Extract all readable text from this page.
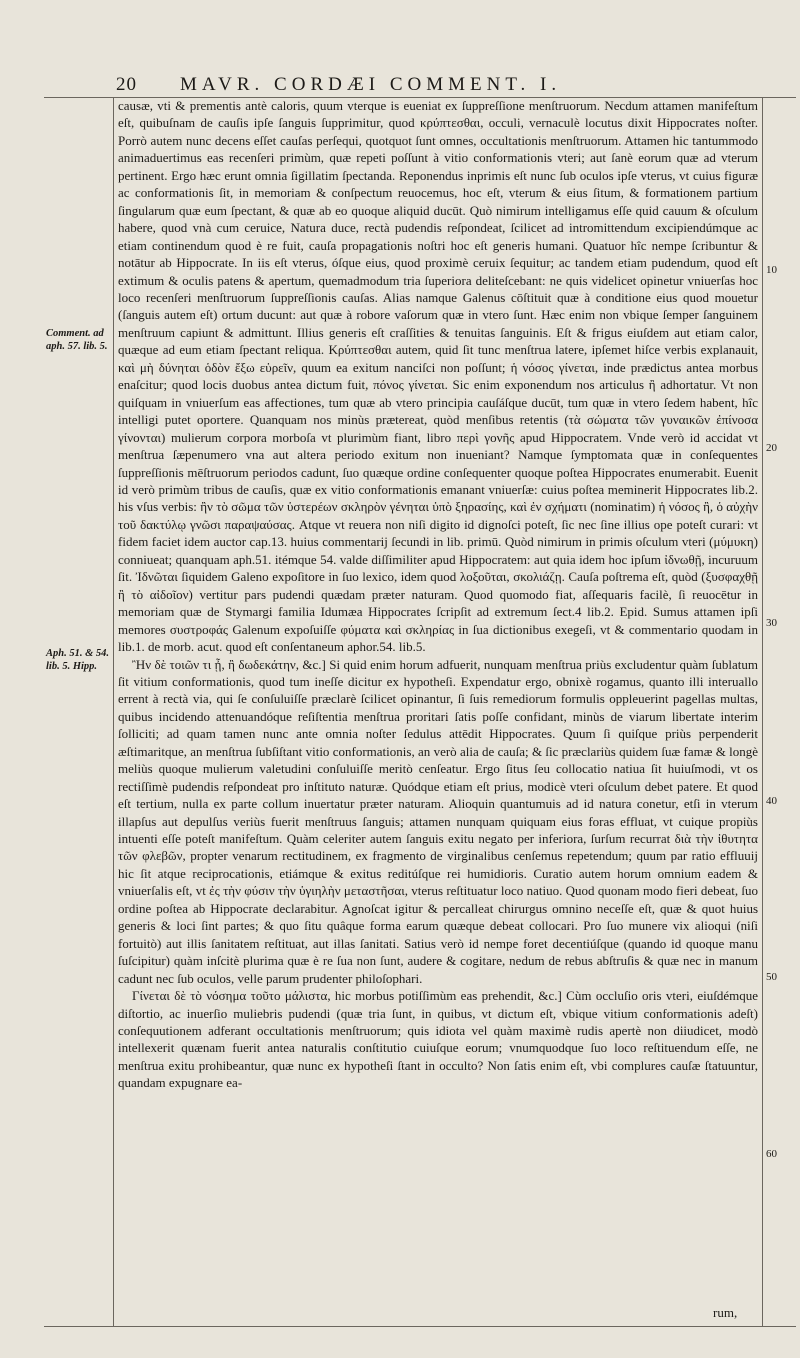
20 MAVR. CORDÆI COMMENT. I.

causæ, vti & prementis antè caloris, quum vterque is eueniat ex ſuppreſſione menſtruorum. Necdum attamen manifeſtum eſt, quibuſnam de cauſis ipſe ſanguis ſupprimitur, quod κρύπτεσθαι, occuli, vernaculè locutus dixit Hippocrates noſter. Porrò autem nunc decens eſſet cauſas perſequi, quotquot ſunt omnes, occultationis menſtruorum. Attamen hic tantummodo animaduertimus eas recenſeri primùm, quæ repeti poſſunt à vitio conformationis vteri; aut ſanè eorum quæ ad vterum pertinent. Ergo hæc erunt omnia ſigillatim ſpectanda. Reponendus inprimis eſt nunc ſub oculos ipſe vterus, vt cuius figuræ ac conformationis ſit, in memoriam & conſpectum reuocemus, hoc eſt, vterum & eius ſitum, & formationem partium ſingularum quæ eum ſpectant, & quæ ab eo quoque aliquid ducūt. Quò nimirum intelligamus eſſe quid cauum & oſculum habere, quod vnà cum ceruice, Natura duce, rectà pudendis reſpondeat, ſcilicet ad intromittendum excipiendúmque ac etiam continendum quod è re fuit, cauſa propagationis noſtri hoc eſt generis humani. Quatuor hîc nempe ſcribuntur & notātur ab Hippocrate. In iis eſt vterus, óſque eius, quod proximè ceruix ſequitur; ac tandem etiam pudendum, quod eſt extimum & oculis patens & apertum, quemadmodum tria ſuperiora deliteſcebant: ne quis videlicet opinetur vniuerſas hoc loco recenſeri menſtruorum ſuppreſſionis cauſas. Alias namque Galenus cōſtituit quæ à conditione eius quod mouetur (ſanguis autem eſt) ortum ducunt: aut quæ à robore vaſorum quæ in vtero ſunt. Hæc enim non vbique ſemper ſanguinem menſtruum capiunt & admittunt. Illius generis eſt craſſities & tenuitas ſanguinis. Eſt & frigus eiuſdem aut etiam calor, quæque ad eum etiam ſpectant reliqua. Κρύπτεσθαι autem, quid ſit tunc menſtrua latere, ipſemet hiſce verbis explanauit, καὶ μὴ δύνηται ὁδὸν ἔξω εὑρεῖν, quum ea exitum nanciſci non poſſunt; ἡ νόσος γίνεται, inde prædictus antea morbus enaſcitur; quod locis duobus antea dictum fuit, πόνος γίνεται. Sic enim exponendum nos articulus ἢ adhortatur. Vt non quiſquam in vniuerſum eas affectiones, tum quæ ab vtero principia cauſáſque ducūt, tum quæ in vtero ſedem habent, hîc intelligi putet oportere. Quanquam nos minùs prætereat, quòd menſibus retentis (τὰ σώματα τῶν γυναικῶν ἐπίνοσα γίνονται) mulierum corpora morboſa vt plurimùm fiant, libro περὶ γονῆς apud Hippocratem. Vnde verò id accidat vt menſtrua ſæpenumero vna aut altera periodo exitum non inueniant? Namque ſymptomata quæ in conſequentes ſuppreſſionis mēſtruorum periodos cadunt, ſuo quæque ordine conſequenter quoque poſtea Hippocrates enumerabit. Euenit id verò primùm tribus de cauſis, quæ ex vitio conformationis emanant vniuerſæ: cuius poſtea meminerit Hippocrates lib.2. his vſus verbis: ἢν τὸ σῶμα τῶν ὑστερέων σκληρὸν γένηται ὑπὸ ξηρασίης, καὶ ἐν σχήματι (nominatim) ἡ νόσος ἢ, ὁ αὐχὴν τοῦ δακτύλῳ γνῶσι παραψαύσας. Atque vt reuera non niſi digito id dignoſci poteſt, ſic nec ſine illius ope poteſt curari: vt fidem faciet idem auctor cap.13. huius commentarij ſecundi in lib. primū. Quòd nimirum in primis oſculum vteri (μύμυκη) conniueat; quanquam aph.51. itémque 54. valde diſſimiliter apud Hippocratem: aut quia idem hoc ipſum ἰδνωθῇ, incuruum ſit. Ἰδνῶται ſiquidem Galeno expoſitore in ſuo lexico, idem quod λοξοῦται, σκολιάζῃ. Cauſa poſtrema eſt, quòd (ξυσφαχθῇ ἢ τὸ αἰδοῖον) vertitur pars pudendi quædam præter naturam. Quod quomodo fiat, aſſequaris facilè, ſi reuocētur in memoriam quæ de Stymargi familia Idumæa Hippocrates ſcripſit ad extremum ſect.4 lib.2. Epid. Sumus attamen ipſi memores συστροφάς Galenum expoſuiſſe φύματα καὶ σκληρίας in ſua dictionibus exegeſi, vt & commentario quodam in lib.1. de morb. acut. quod eſt conſentaneum aphor.54. lib.5.

Ἢν δὲ τοιῶν τι ᾖ, ἢ δωδεκάτην, &c.] Si quid enim horum adfuerit, nunquam menſtrua priùs excludentur quàm ſublatum ſit vitium conformationis, quod tum ineſſe dicitur ex hypotheſi. Expendatur ergo, obnixè rogamus, quanto illi interuallo errent à rectà via, qui ſe conſuluiſſe præclarè ſcilicet opinantur, ſi ſuis remediorum formulis oppleuerint pagellas multas, quibus incidendo attenuandóque reſiſtentia menſtrua proritari ſatis poſſe confidant, minùs de viarum libertate interim ſolliciti; ad quam tamen nunc ante omnia noſter ſedulus attēdit Hippocrates. Quum ſi quiſque priùs perpenderit æſtimaritque, an menſtrua ſubſiſtant vitio conformationis, an verò alia de cauſa; & ſic præclariùs quidem ſuæ famæ & longè meliùs quoque mulierum valetudini conſuluiſſe meritò cenſeatur. Ergo ſitus ſeu collocatio natiua ſit huiuſmodi, vt os rectiſſimè pudendis reſpondeat pro inſtituto naturæ. Quódque etiam eſt prius, modicè vteri oſculum debet patere. Et quod eſt tertium, nulla ex parte collum inuertatur præter naturam. Alioquin quantumuis ad id natura conetur, etſi in vterum illapſus aut depulſus veriùs fuerit menſtruus ſanguis; attamen nunquam quiquam eius foras effluat, vt cuique propiùs intuenti eſſe poteſt manifeſtum. Quàm celeriter autem ſanguis exitu negato per inferiora, ſurſum recurrat διὰ τὴν ἰθυτητα τῶν φλεβῶν, propter venarum rectitudinem, ex fragmento de virginalibus cenſemus repetendum; quum par ratio effluuij hic ſit atque reciprocationis, etiámque & exitus reditúſque rei humidioris. Curatio autem horum omnium eadem & vniuerſalis eſt, vt ἐς τὴν φύσιν τὴν ὑγιηλὴν μεταστῆσαι, vterus reſtituatur loco natiuo. Quod quonam modo fieri debeat, ſuo ordine poſtea ab Hippocrate declarabitur. Agnoſcat igitur & percalleat chirurgus omnino neceſſe eſt, quæ & quot huius generis & loci ſint partes; & quo ſitu quâque forma earum quæque debeat collocari. Pro ſuo munere vix alioqui (niſi fortuitò) aut illis ſanitatem reſtituat, aut illas ſanitati. Satius verò id nempe foret decentiúſque (quando id quoque manu ſuſcipitur) quàm inſcitè plurima quæ è re ſua non ſunt, audere & cogitare, nedum de rebus abſtruſis & quæ nec in manum cadunt nec ſub oculos, velle parum prudenter philoſophari.

Γίνεται δὲ τὸ νόσημα τοῦτο μάλιστα, hic morbus potiſſimùm eas prehendit, &c.] Cùm occluſio oris vteri, eiuſdémque diſtortio, ac inuerſio muliebris pudendi (quæ tria ſunt, in quibus, vt dictum eſt, vbique vitium conformationis adeſt) conſequutionem adferant occultationis menſtruorum; quis idiota vel quàm maximè rudis apertè non diiudicet, modò intellexerit quænam fuerit antea naturalis conſtitutio cuiuſque eorum; vnumquodque ſuo loco reſtituendum eſſe, ne menſtrua exitu prohibeantur, quæ nunc ex hypotheſi ſtant in occulto? Non ſatis enim eſt, vbi complures cauſæ ſtatuuntur, quandam expugnare ea-

rum,
Comment. ad aph. 57. lib. 5.
Aph. 51. & 54. lib. 5. Hipp.
10
20
30
40
50
60
